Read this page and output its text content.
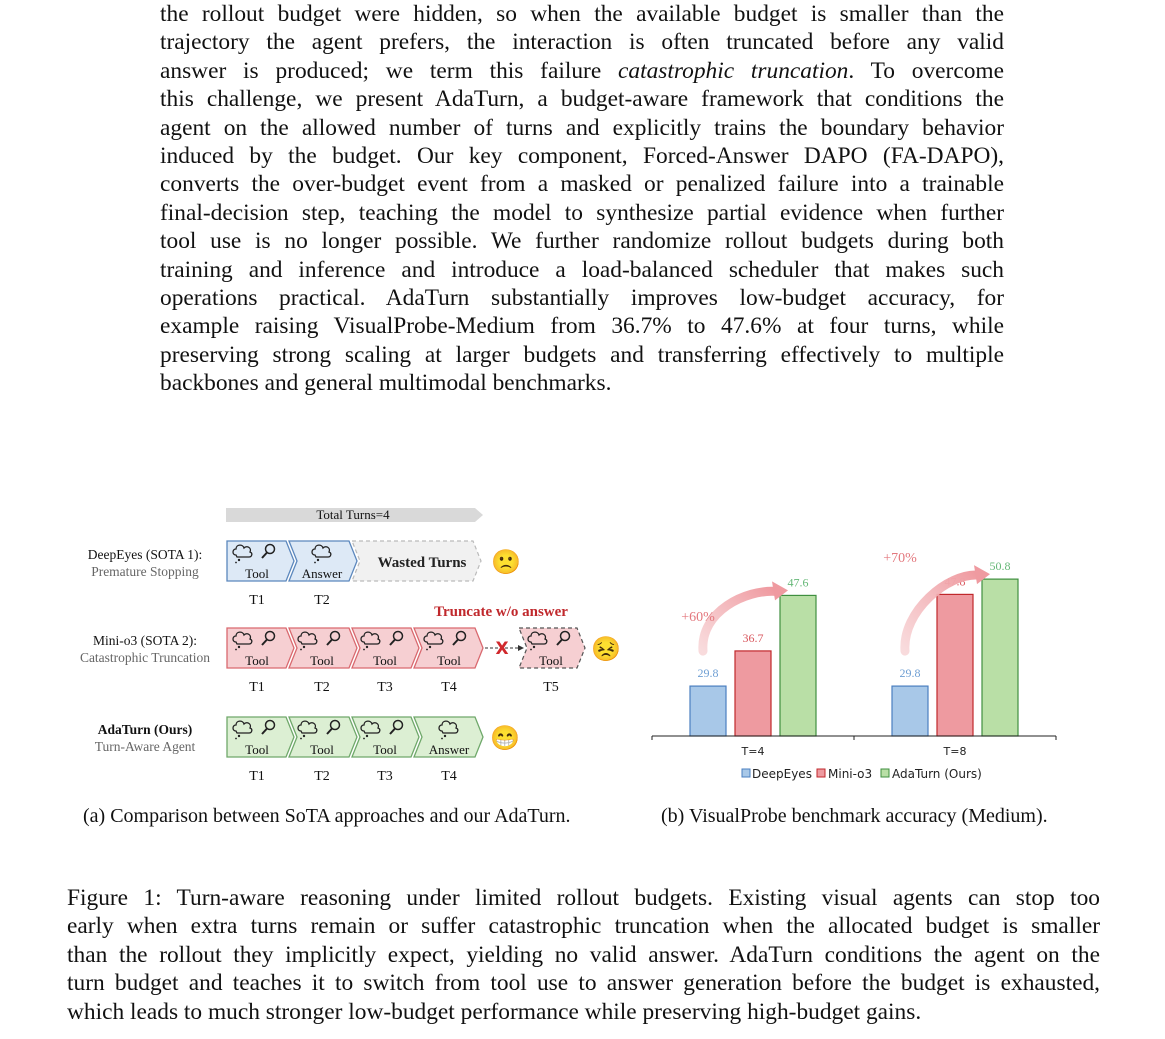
the rollout budget were hidden, so when the available budget is smaller than the
trajectory the agent prefers, the interaction is often truncated before any valid
answer is produced; we term this failure catastrophic truncation. To overcome
this challenge, we present AdaTurn, a budget-aware framework that conditions the
agent on the allowed number of turns and explicitly trains the boundary behavior
induced by the budget. Our key component, Forced-Answer DAPO (FA-DAPO),
converts the over-budget event from a masked or penalized failure into a trainable
final-decision step, teaching the model to synthesize partial evidence when further
tool use is no longer possible. We further randomize rollout budgets during both
training and inference and introduce a load-balanced scheduler that makes such
operations practical. AdaTurn substantially improves low-budget accuracy, for
example raising VisualProbe-Medium from 36.7% to 47.6% at four turns, while
preserving strong scaling at larger budgets and transferring effectively to multiple
backbones and general multimodal benchmarks.
Total Turns=4
DeepEyes (SOTA 1):
Premature Stopping	Tool	Answer
Wasted Turns 🙁
T1	T2
Truncate w/o answer
Mini-o3 (SOTA 2):
Catastrophic Truncation	Tool	Tool	Tool	Tool
X
Tool 😣
T1	T2	T3	T4	T5
AdaTurn (Ours)
Turn-Aware Agent	Tool	Tool	Tool Answer 😁
T1	T2	T3	T4
(a) Comparison between SoTA approaches and our AdaTurn.
29.8
36.7
47.6
29.8
47.8
50.8
+60%
+70%
T=4	T=8
DeepEyes Mini-o3 AdaTurn (Ours)
(b) VisualProbe benchmark accuracy (Medium).
Figure 1: Turn-aware reasoning under limited rollout budgets. Existing visual agents can stop too
early when extra turns remain or suffer catastrophic truncation when the allocated budget is smaller
than the rollout they implicitly expect, yielding no valid answer. AdaTurn conditions the agent on the
turn budget and teaches it to switch from tool use to answer generation before the budget is exhausted,
which leads to much stronger low-budget performance while preserving high-budget gains.
